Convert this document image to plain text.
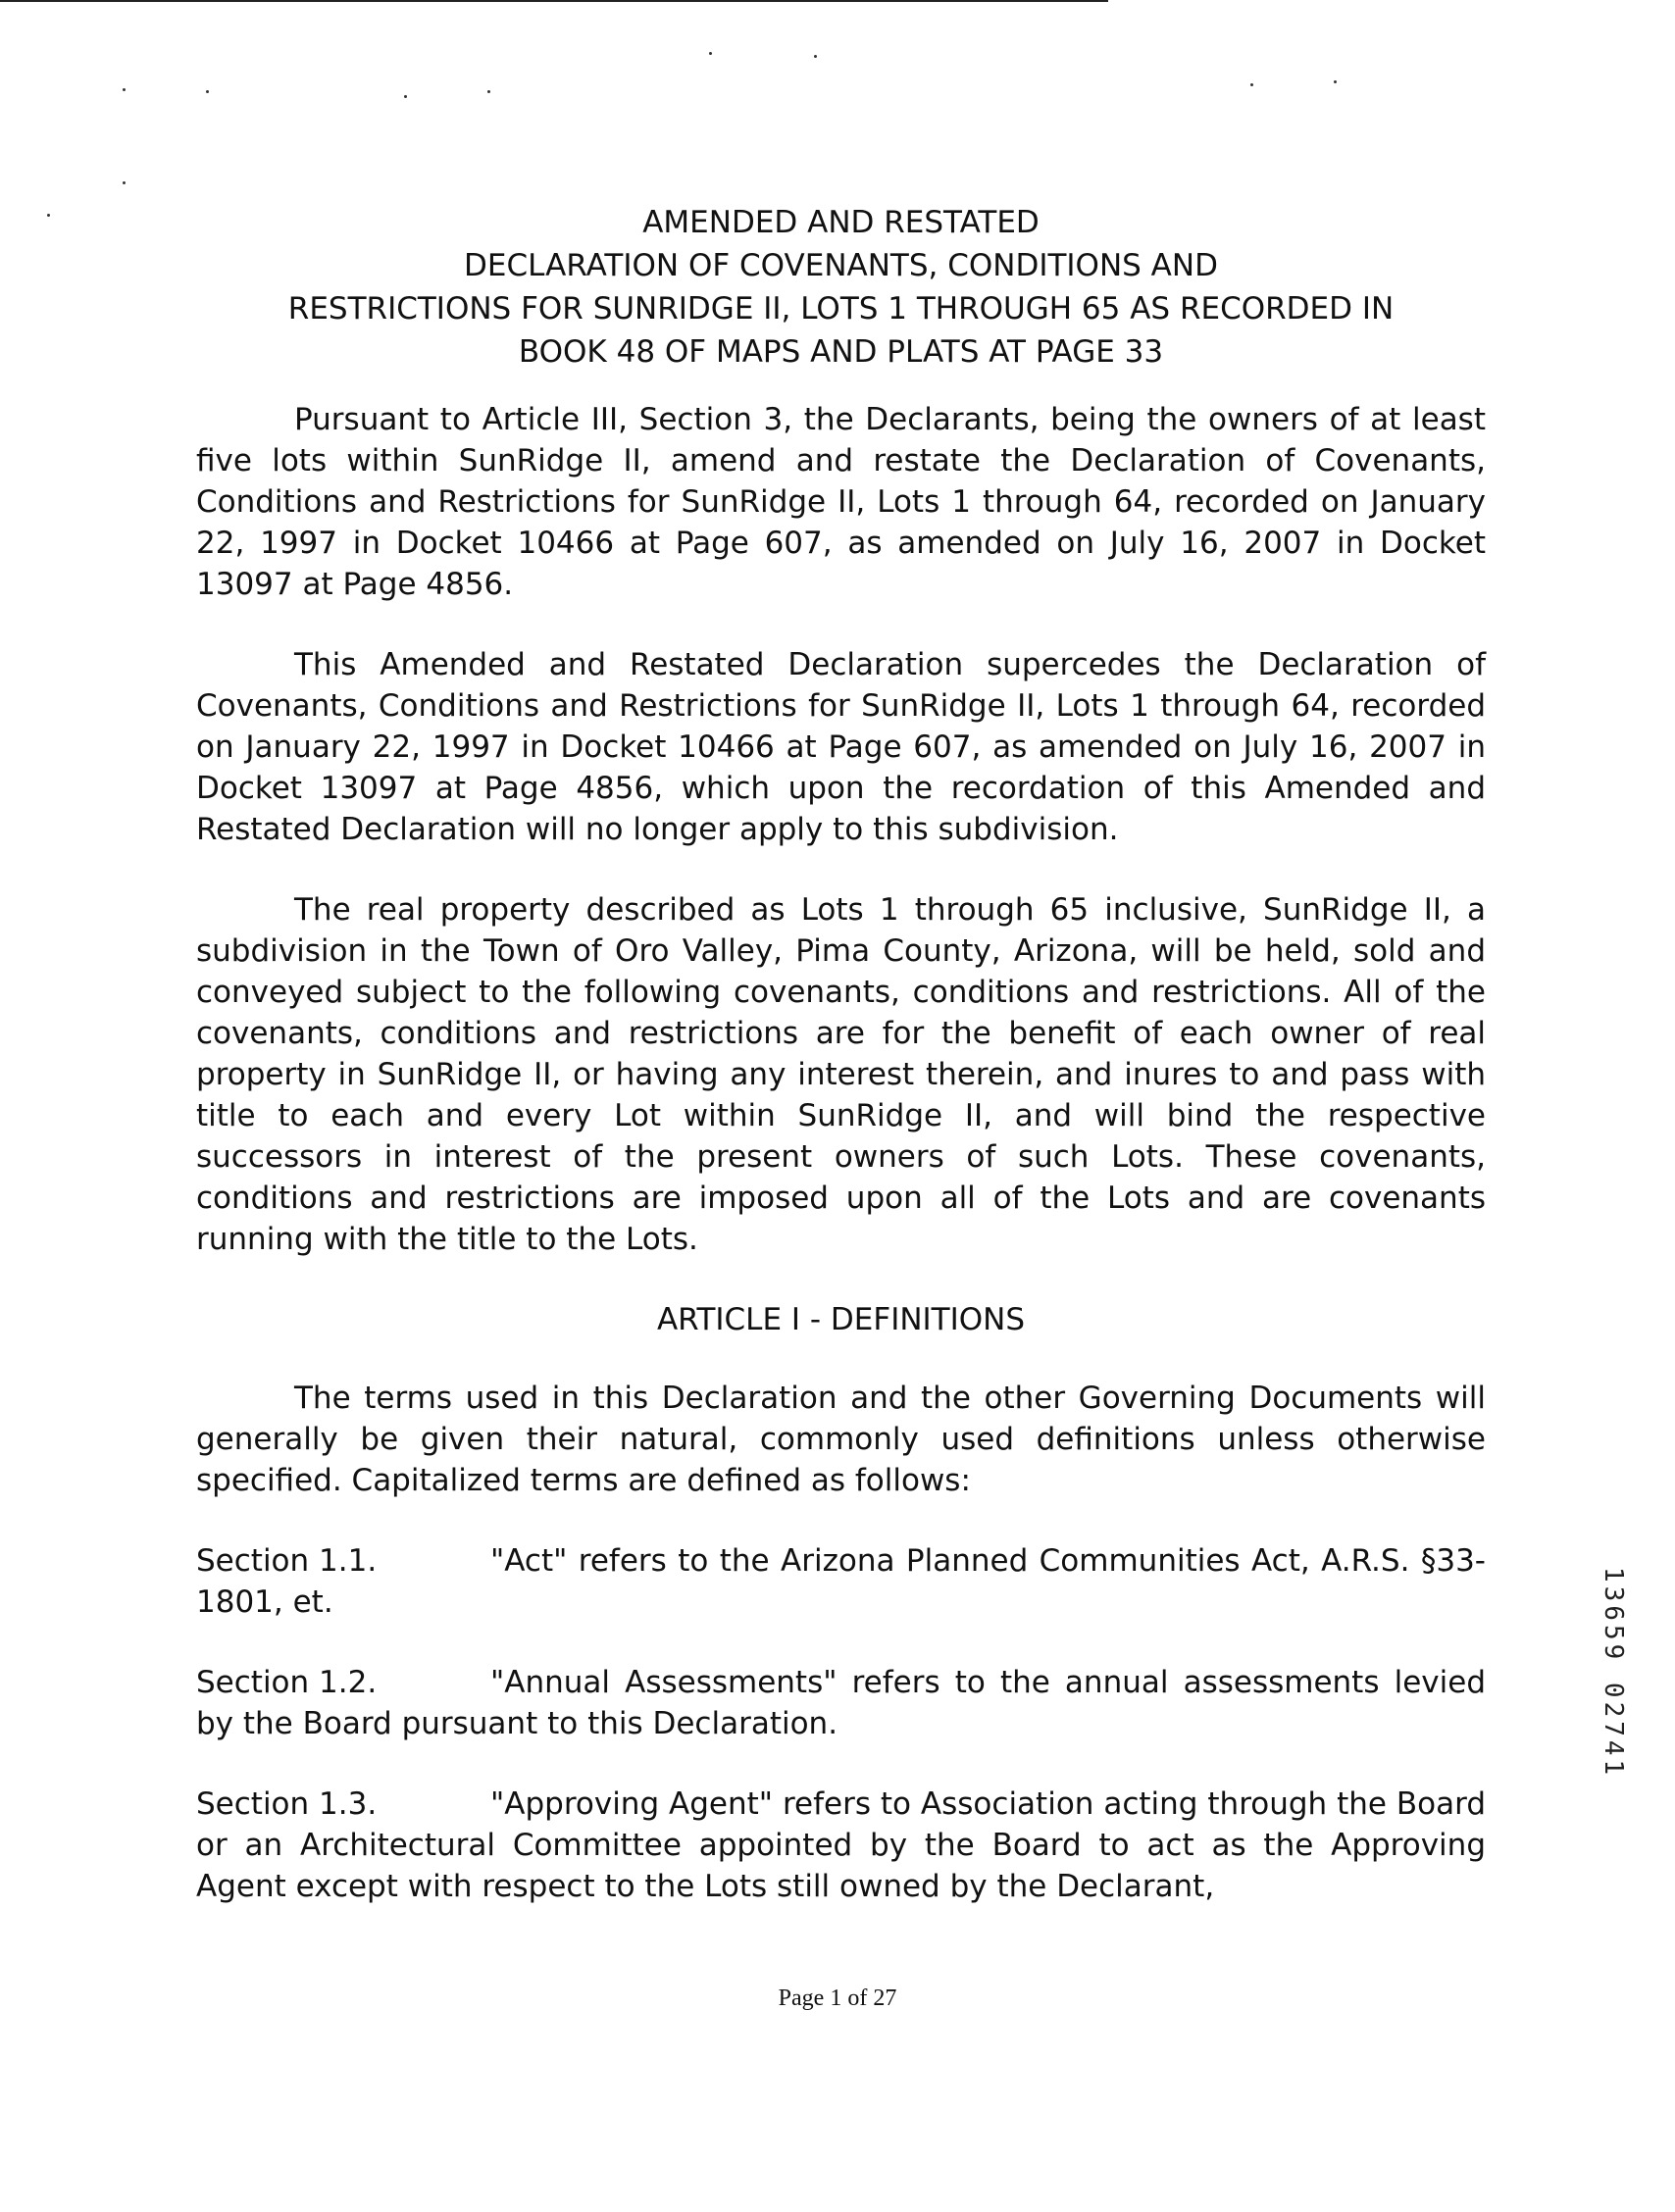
AMENDED AND RESTATED
DECLARATION OF COVENANTS, CONDITIONS AND
RESTRICTIONS FOR SUNRIDGE II, LOTS 1 THROUGH 65 AS RECORDED IN
BOOK 48 OF MAPS AND PLATS AT PAGE 33

Pursuant to Article III, Section 3, the Declarants, being the owners of at least five lots within SunRidge II, amend and restate the Declaration of Covenants, Conditions and Restrictions for SunRidge II, Lots 1 through 64, recorded on January 22, 1997 in Docket 10466 at Page 607, as amended on July 16, 2007 in Docket 13097 at Page 4856.

This Amended and Restated Declaration supercedes the Declaration of Covenants, Conditions and Restrictions for SunRidge II, Lots 1 through 64, recorded on January 22, 1997 in Docket 10466 at Page 607, as amended on July 16, 2007 in Docket 13097 at Page 4856, which upon the recordation of this Amended and Restated Declaration will no longer apply to this subdivision.

The real property described as Lots 1 through 65 inclusive, SunRidge II, a subdivision in the Town of Oro Valley, Pima County, Arizona, will be held, sold and conveyed subject to the following covenants, conditions and restrictions. All of the covenants, conditions and restrictions are for the benefit of each owner of real property in SunRidge II, or having any interest therein, and inures to and pass with title to each and every Lot within SunRidge II, and will bind the respective successors in interest of the present owners of such Lots. These covenants, conditions and restrictions are imposed upon all of the Lots and are covenants running with the title to the Lots.

ARTICLE I - DEFINITIONS

The terms used in this Declaration and the other Governing Documents will generally be given their natural, commonly used definitions unless otherwise specified. Capitalized terms are defined as follows:

Section 1.1.	"Act" refers to the Arizona Planned Communities Act, A.R.S. §33-1801, et.
Section 1.2.	"Annual Assessments" refers to the annual assessments levied by the Board pursuant to this Declaration.
Section 1.3.	"Approving Agent" refers to Association acting through the Board or an Architectural Committee appointed by the Board to act as the Approving Agent except with respect to the Lots still owned by the Declarant,
13659 02741
Page 1 of 27
